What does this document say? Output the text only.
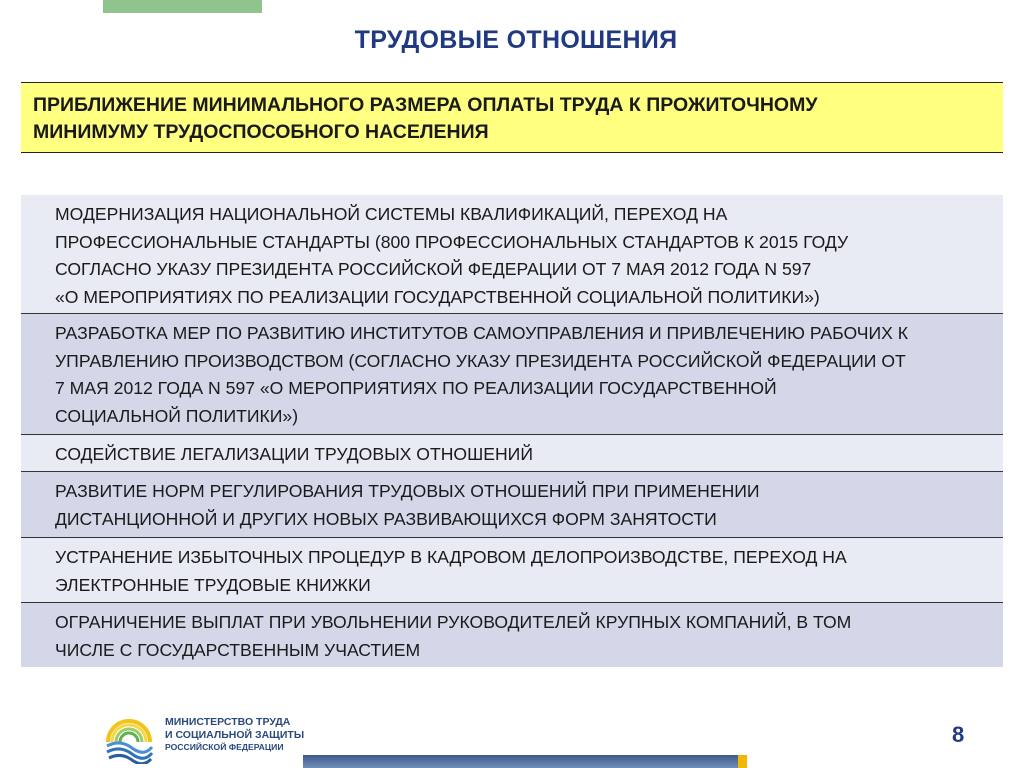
ТРУДОВЫЕ ОТНОШЕНИЯ
ПРИБЛИЖЕНИЕ МИНИМАЛЬНОГО РАЗМЕРА ОПЛАТЫ ТРУДА К ПРОЖИТОЧНОМУ
МИНИМУМУ ТРУДОСПОСОБНОГО НАСЕЛЕНИЯ
МОДЕРНИЗАЦИЯ НАЦИОНАЛЬНОЙ СИСТЕМЫ КВАЛИФИКАЦИЙ, ПЕРЕХОД НА
ПРОФЕССИОНАЛЬНЫЕ СТАНДАРТЫ (800 ПРОФЕССИОНАЛЬНЫХ СТАНДАРТОВ К 2015 ГОДУ
СОГЛАСНО УКАЗУ ПРЕЗИДЕНТА РОССИЙСКОЙ ФЕДЕРАЦИИ ОТ 7 МАЯ 2012 ГОДА N 597
«О МЕРОПРИЯТИЯХ ПО РЕАЛИЗАЦИИ ГОСУДАРСТВЕННОЙ СОЦИАЛЬНОЙ ПОЛИТИКИ»)
РАЗРАБОТКА МЕР ПО РАЗВИТИЮ ИНСТИТУТОВ САМОУПРАВЛЕНИЯ И ПРИВЛЕЧЕНИЮ РАБОЧИХ К
УПРАВЛЕНИЮ ПРОИЗВОДСТВОМ (СОГЛАСНО УКАЗУ ПРЕЗИДЕНТА РОССИЙСКОЙ ФЕДЕРАЦИИ ОТ
7 МАЯ 2012 ГОДА N 597 «О МЕРОПРИЯТИЯХ ПО РЕАЛИЗАЦИИ ГОСУДАРСТВЕННОЙ
СОЦИАЛЬНОЙ ПОЛИТИКИ»)
СОДЕЙСТВИЕ ЛЕГАЛИЗАЦИИ ТРУДОВЫХ ОТНОШЕНИЙ
РАЗВИТИЕ НОРМ РЕГУЛИРОВАНИЯ ТРУДОВЫХ ОТНОШЕНИЙ ПРИ ПРИМЕНЕНИИ
ДИСТАНЦИОННОЙ И ДРУГИХ НОВЫХ РАЗВИВАЮЩИХСЯ ФОРМ ЗАНЯТОСТИ
УСТРАНЕНИЕ ИЗБЫТОЧНЫХ ПРОЦЕДУР В КАДРОВОМ ДЕЛОПРОИЗВОДСТВЕ, ПЕРЕХОД НА
ЭЛЕКТРОННЫЕ ТРУДОВЫЕ КНИЖКИ
ОГРАНИЧЕНИЕ ВЫПЛАТ ПРИ УВОЛЬНЕНИИ РУКОВОДИТЕЛЕЙ КРУПНЫХ КОМПАНИЙ, В ТОМ
ЧИСЛЕ С ГОСУДАРСТВЕННЫМ УЧАСТИЕМ
МИНИСТЕРСТВО ТРУДА
И СОЦИАЛЬНОЙ ЗАЩИТЫ
РОССИЙСКОЙ ФЕДЕРАЦИИ	8
